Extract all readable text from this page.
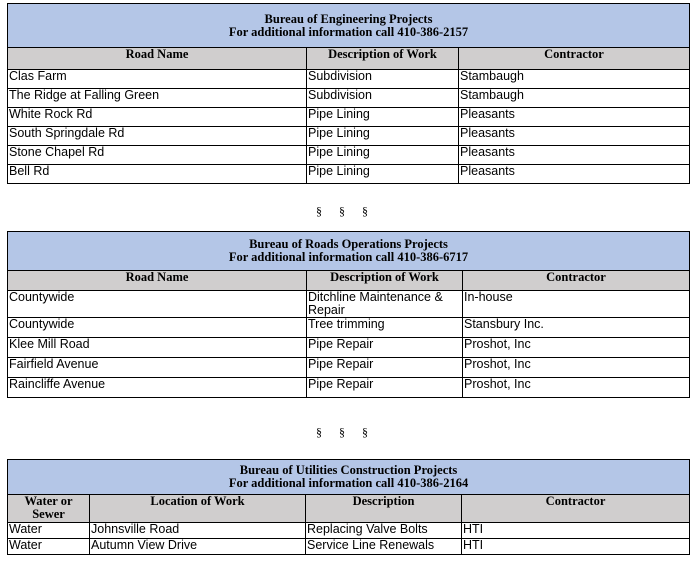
Bureau of Engineering Projects
For additional information call 410-386-2157		

Road Name	Description of Work	Contractor
Clas Farm	Subdivision	Stambaugh
The Ridge at Falling Green	Subdivision	Stambaugh
White Rock Rd	Pipe Lining	Pleasants
South Springdale Rd	Pipe Lining	Pleasants
Stone Chapel Rd	Pipe Lining	Pleasants
Bell Rd	Pipe Lining	Pleasants
§ § §
Bureau of Roads Operations Projects
For additional information call 410-386-6717		

Road Name	Description of Work	Contractor
Countywide	Ditchline Maintenance & Repair	In-house
Countywide	Tree trimming	Stansbury Inc.
Klee Mill Road	Pipe Repair	Proshot, Inc
Fairfield Avenue	Pipe Repair	Proshot, Inc
Raincliffe Avenue	Pipe Repair	Proshot, Inc
§ § §
Bureau of Utilities Construction Projects
For additional information call 410-386-2164			

Water or Sewer	Location of Work	Description	Contractor
Water	Johnsville Road	Replacing Valve Bolts	HTI
Water	Autumn View Drive	Service Line Renewals	HTI
